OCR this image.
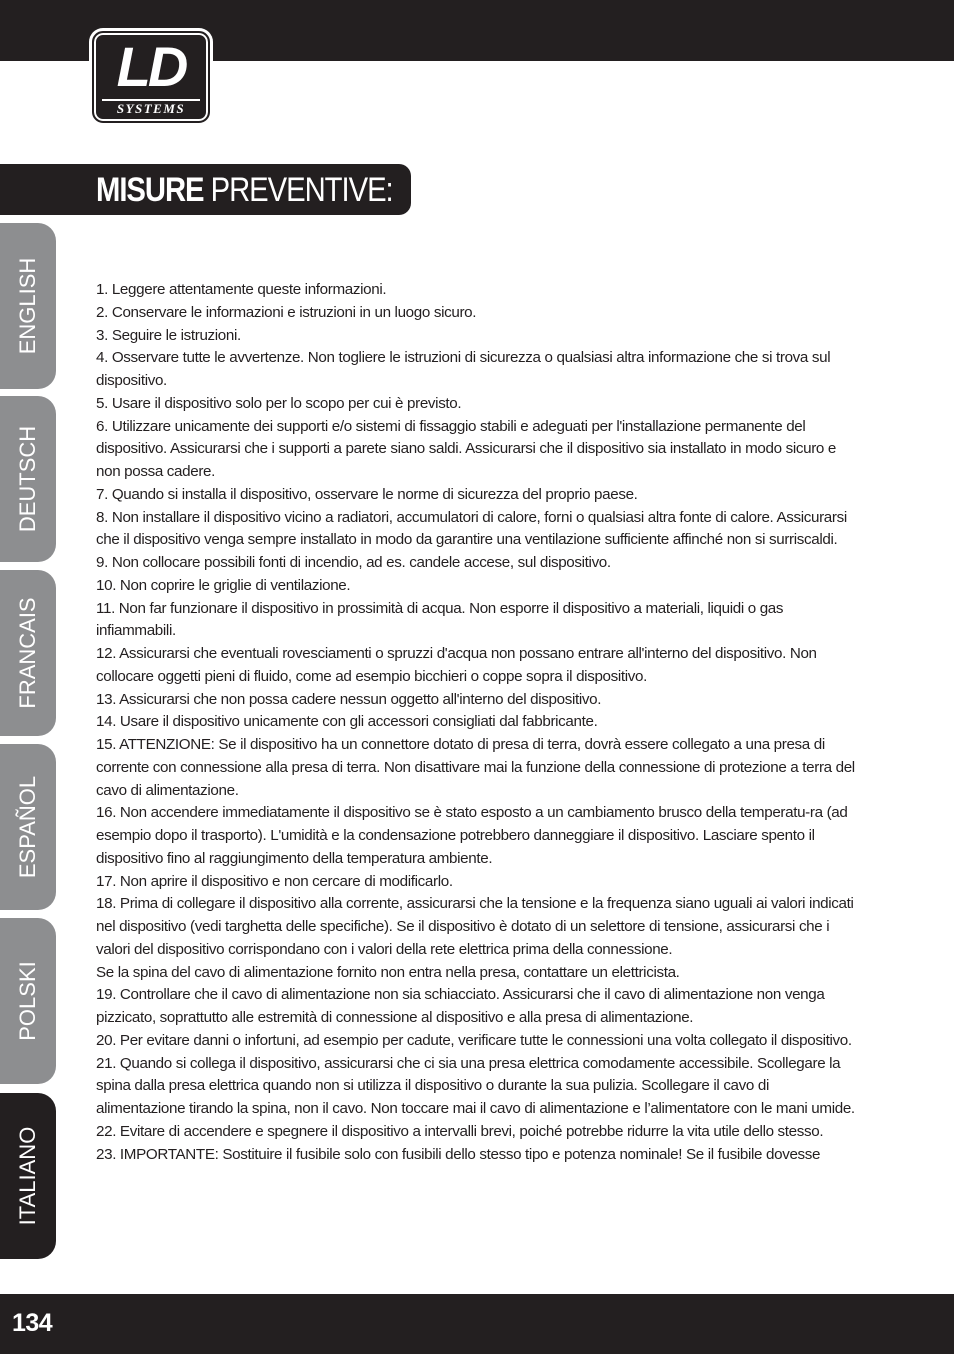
LD
SYSTEMS
MISURE PREVENTIVE:
ENGLISH
DEUTSCH
FRANCAIS
ESPAÑOL
POLSKI
ITALIANO

1. Leggere attentamente queste informazioni.

2. Conservare le informazioni e istruzioni in un luogo sicuro.

3. Seguire le istruzioni.

4. Osservare tutte le avvertenze. Non togliere le istruzioni di sicurezza o qualsiasi altra informazione che si trova sul dispositivo.

5. Usare il dispositivo solo per lo scopo per cui è previsto.

6. Utilizzare unicamente dei supporti e/o sistemi di fissaggio stabili e adeguati per l'installazione permanente del dispositivo. Assicurarsi che i supporti a parete siano saldi. Assicurarsi che il dispositivo sia installato in modo sicuro e non possa cadere.

7. Quando si installa il dispositivo, osservare le norme di sicurezza del proprio paese.

8. Non installare il dispositivo vicino a radiatori, accumulatori di calore, forni o qualsiasi altra fonte di calore. Assicurarsi che il dispositivo venga sempre installato in modo da garantire una ventilazione sufficiente affinché non si surriscaldi.

9. Non collocare possibili fonti di incendio, ad es. candele accese, sul dispositivo.

10. Non coprire le griglie di ventilazione.

11. Non far funzionare il dispositivo in prossimità di acqua. Non esporre il dispositivo a materiali, liquidi o gas infiammabili.

12. Assicurarsi che eventuali rovesciamenti o spruzzi d'acqua non possano entrare all'interno del dispositivo. Non collocare oggetti pieni di fluido, come ad esempio bicchieri o coppe sopra il dispositivo.

13. Assicurarsi che non possa cadere nessun oggetto all'interno del dispositivo.

14. Usare il dispositivo unicamente con gli accessori consigliati dal fabbricante.

15. ATTENZIONE: Se il dispositivo ha un connettore dotato di presa di terra, dovrà essere collegato a una presa di corrente con connessione alla presa di terra. Non disattivare mai la funzione della connessione di protezione a terra del cavo di alimentazione.

16. Non accendere immediatamente il dispositivo se è stato esposto a un cambiamento brusco della temperatu-ra (ad esempio dopo il trasporto). L'umidità e la condensazione potrebbero danneggiare il dispositivo. Lasciare spento il dispositivo fino al raggiungimento della temperatura ambiente.

17. Non aprire il dispositivo e non cercare di modificarlo.

18. Prima di collegare il dispositivo alla corrente, assicurarsi che la tensione e la frequenza siano uguali ai valori indicati nel dispositivo (vedi targhetta delle specifiche). Se il dispositivo è dotato di un selettore di tensione, assicurarsi che i valori del dispositivo corrispondano con i valori della rete elettrica prima della connessione.

Se la spina del cavo di alimentazione fornito non entra nella presa, contattare un elettricista.

19. Controllare che il cavo di alimentazione non sia schiacciato. Assicurarsi che il cavo di alimentazione non venga pizzicato, soprattutto alle estremità di connessione al dispositivo e alla presa di alimentazione.

20. Per evitare danni o infortuni, ad esempio per cadute, verificare tutte le connessioni una volta collegato il dispositivo.

21. Quando si collega il dispositivo, assicurarsi che ci sia una presa elettrica comodamente accessibile. Scollegare la spina dalla presa elettrica quando non si utilizza il dispositivo o durante la sua pulizia. Scollegare il cavo di alimentazione tirando la spina, non il cavo. Non toccare mai il cavo di alimentazione e l’alimentatore con le mani umide.

22. Evitare di accendere e spegnere il dispositivo a intervalli brevi, poiché potrebbe ridurre la vita utile dello stesso.

23. IMPORTANTE: Sostituire il fusibile solo con fusibili dello stesso tipo e potenza nominale! Se il fusibile dovesse

134
